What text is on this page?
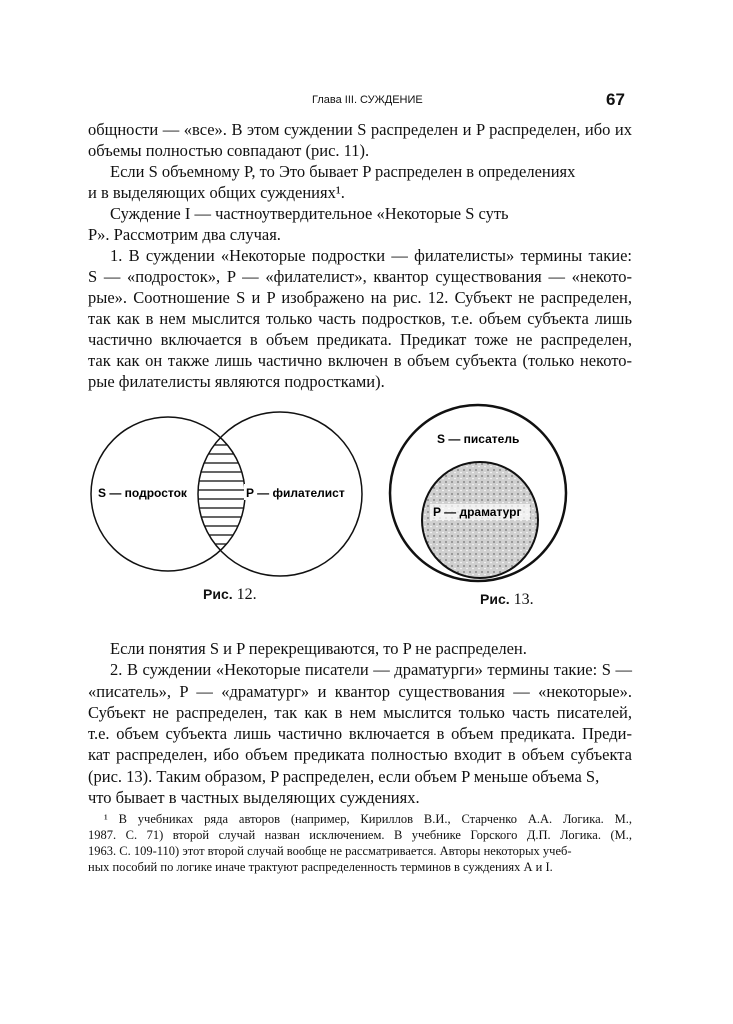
Глава III. СУЖДЕНИЕ	67
общности — «все». В этом суждении S распределен и P распределен, ибо их
объемы полностью совпадают (рис. 11).
Если S объемному P, то Это бывает P распределен в определениях
и в выделяющих общих суждениях¹.
Суждение I — частноутвердительное «Некоторые S суть
P». Рассмотрим два случая.
1. В суждении «Некоторые подростки — филателисты» термины такие:
S — «подросток», P — «филателист», квантор существования — «некото-
рые». Соотношение S и P изображено на рис. 12. Субъект не распределен,
так как в нем мыслится только часть подростков, т.е. объем субъекта лишь
частично включается в объем предиката. Предикат тоже не распределен,
так как он также лишь частично включен в объем субъекта (только некото-
рые филателисты являются подростками).
S — подросток	P — филателист
S — писатель
P — драматург
Рис. 12.	Рис. 13.
Если понятия S и P перекрещиваются, то P не распределен.
2. В суждении «Некоторые писатели — драматурги» термины такие: S —
«писатель», P — «драматург» и квантор существования — «некоторые».
Субъект не распределен, так как в нем мыслится только часть писателей,
т.е. объем субъекта лишь частично включается в объем предиката. Преди-
кат распределен, ибо объем предиката полностью входит в объем субъекта
(рис. 13). Таким образом, P распределен, если объем P меньше объема S,
что бывает в частных выделяющих суждениях.
¹ В учебниках ряда авторов (например, Кириллов В.И., Старченко А.А. Логика. М.,
1987. С. 71) второй случай назван исключением. В учебнике Горского Д.П. Логика. (М.,
1963. С. 109-110) этот второй случай вообще не рассматривается. Авторы некоторых учеб-
ных пособий по логике иначе трактуют распределенность терминов в суждениях А и I.
